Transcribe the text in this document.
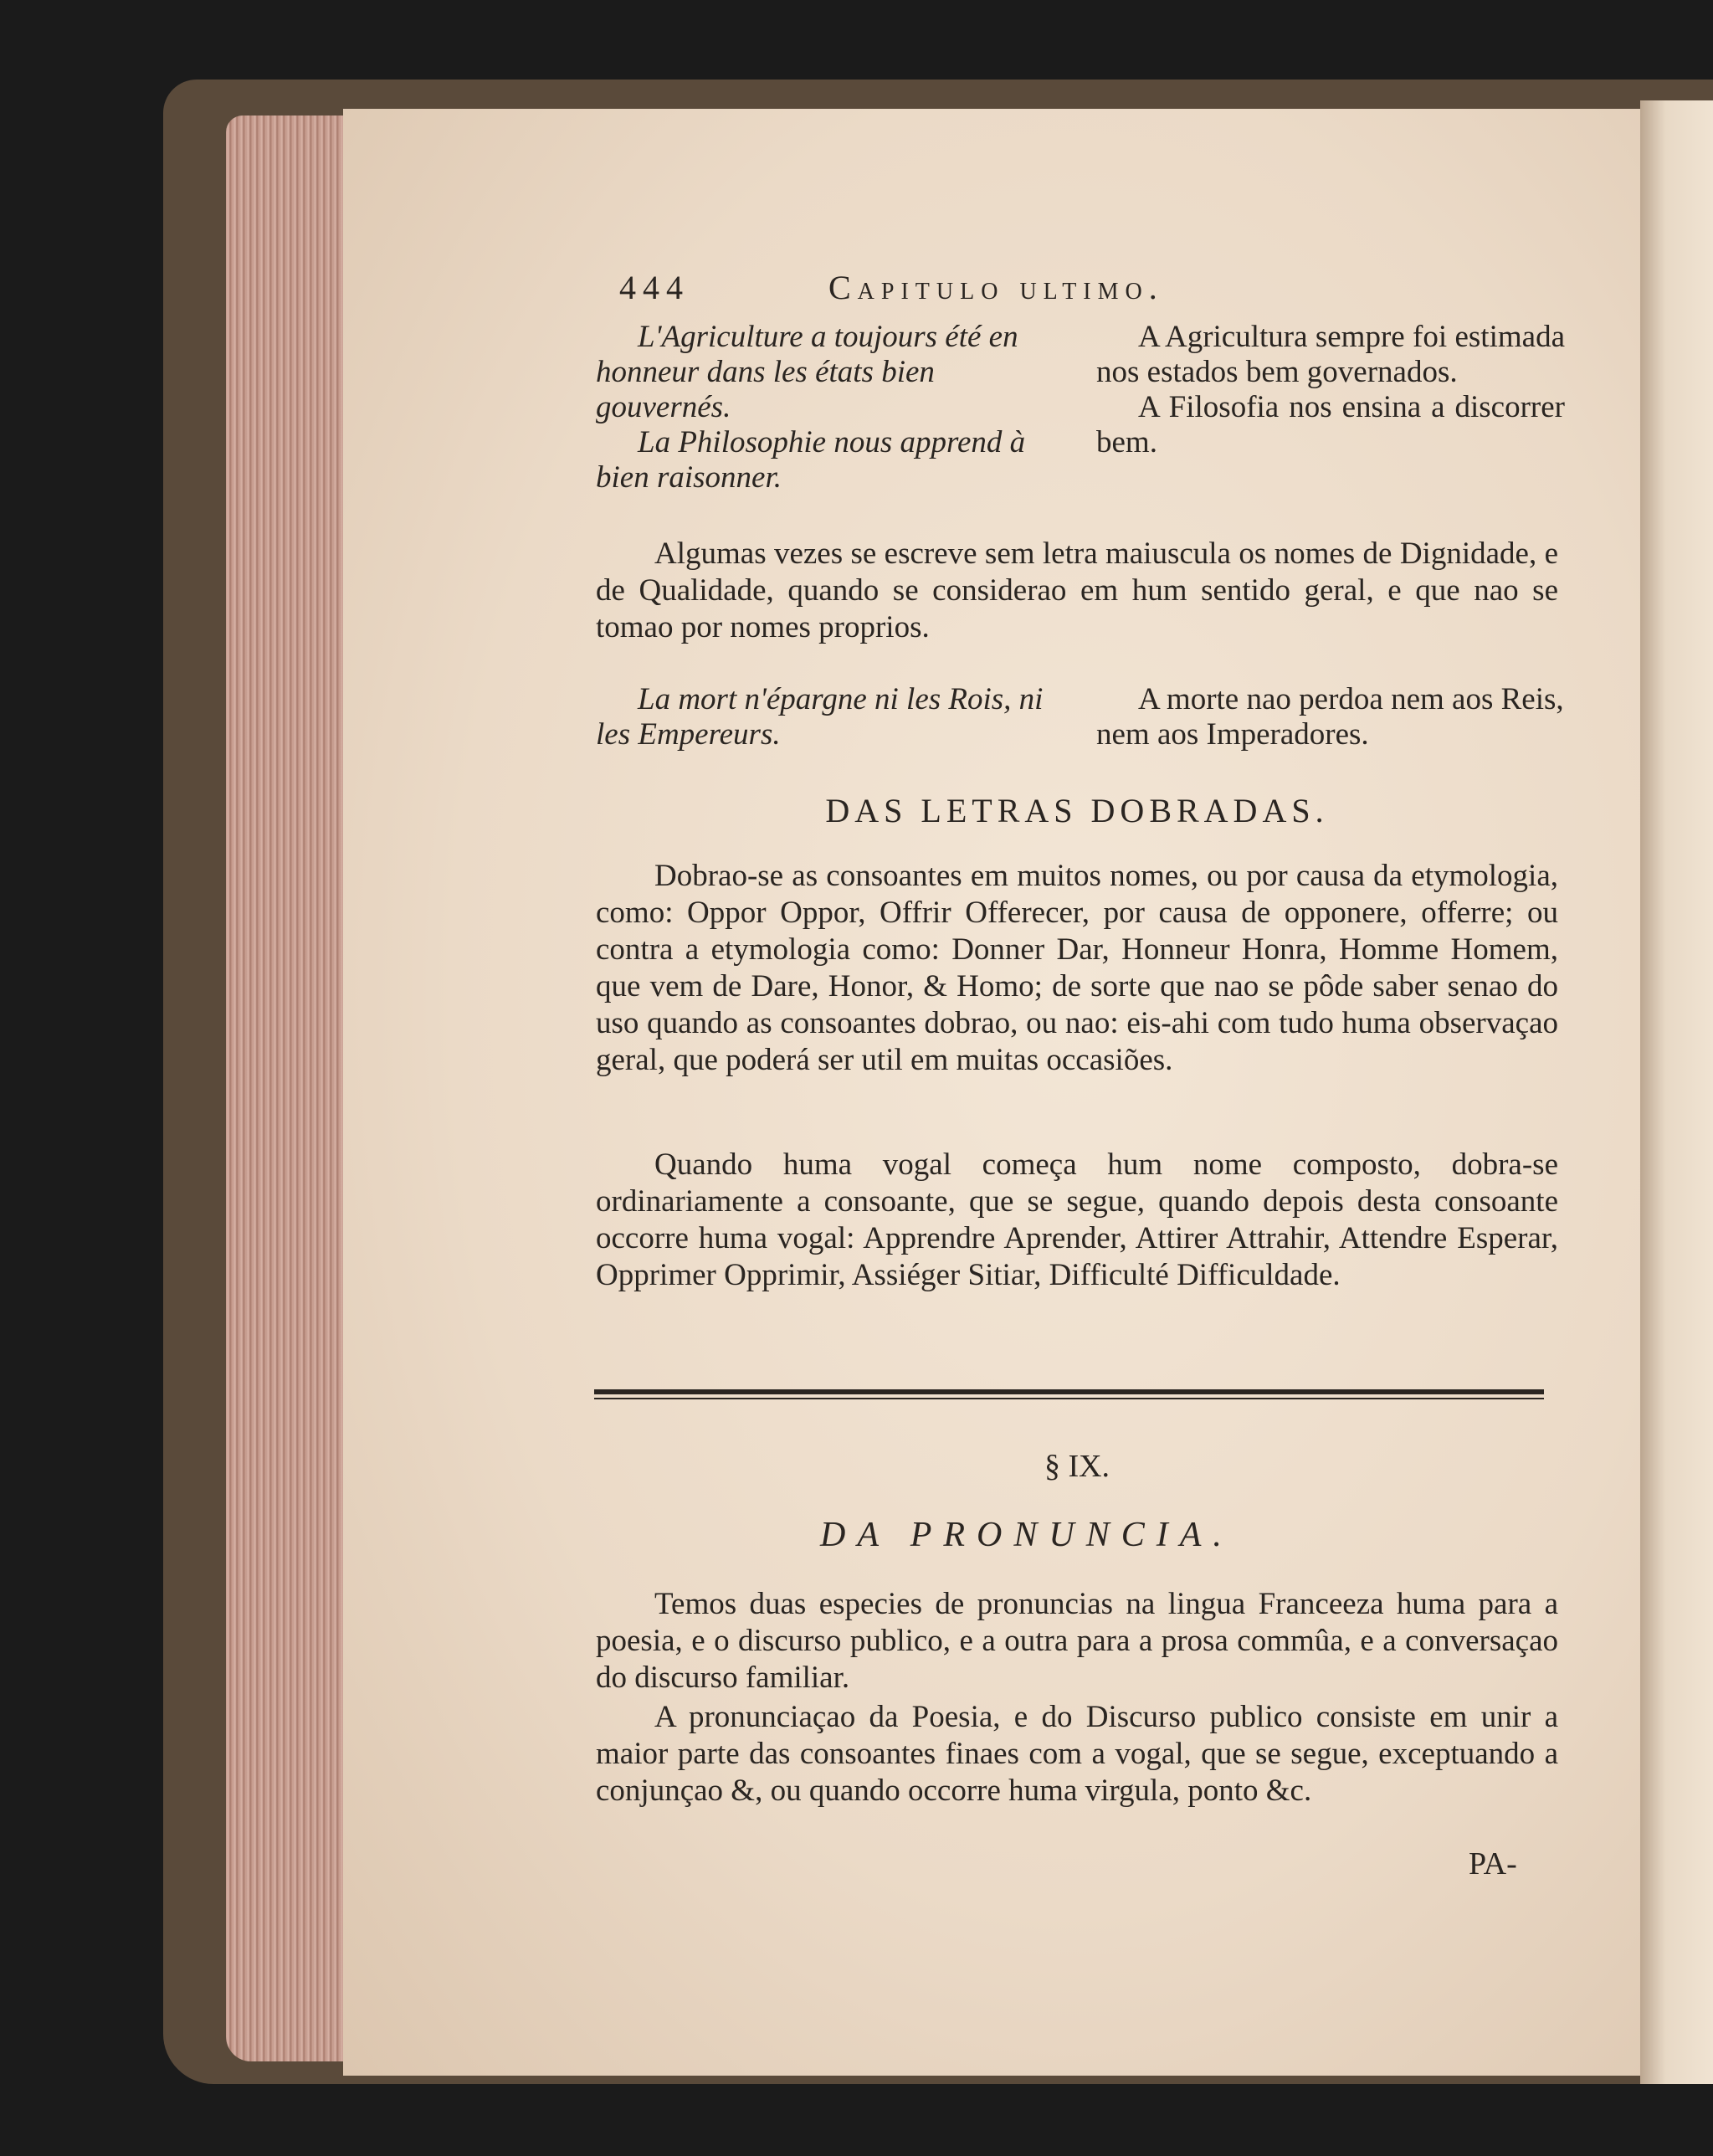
444	Capitulo ultimo.

L'Agriculture a toujours été en honneur dans les états bien gouvernés.

La Philosophie nous apprend à bien raisonner.

A Agricultura sempre foi estimada nos estados bem governados.

A Filosofia nos ensina a discorrer bem.

Algumas vezes se escreve sem letra maiuscula os nomes de Dignidade, e de Qualidade, quando se considerao em hum sentido geral, e que nao se tomao por nomes proprios.

La mort n'épargne ni les Rois, ni les Empereurs.

A morte nao perdoa nem aos Reis, nem aos Imperadores.

DAS LETRAS DOBRADAS.

Dobrao-se as consoantes em muitos nomes, ou por causa da etymologia, como: Oppor Oppor, Offrir Offerecer, por causa de opponere, offerre; ou contra a etymologia como: Donner Dar, Honneur Honra, Homme Homem, que vem de Dare, Honor, & Homo; de sorte que nao se pôde saber senao do uso quando as consoantes dobrao, ou nao: eis-ahi com tudo huma observaçao geral, que poderá ser util em muitas occasiões.

Quando huma vogal começa hum nome composto, dobra-se ordinariamente a consoante, que se segue, quando depois desta consoante occorre huma vogal: Apprendre Aprender, Attirer Attrahir, Attendre Esperar, Opprimer Opprimir, Assiéger Sitiar, Difficulté Difficuldade.

§ IX.
DA PRONUNCIA.

Temos duas especies de pronuncias na lingua Franceeza huma para a poesia, e o discurso publico, e a outra para a prosa commûa, e a conversaçao do discurso familiar.

A pronunciaçao da Poesia, e do Discurso publico consiste em unir a maior parte das consoantes finaes com a vogal, que se segue, exceptuando a conjunçao &, ou quando occorre huma virgula, ponto &c.

PA-
